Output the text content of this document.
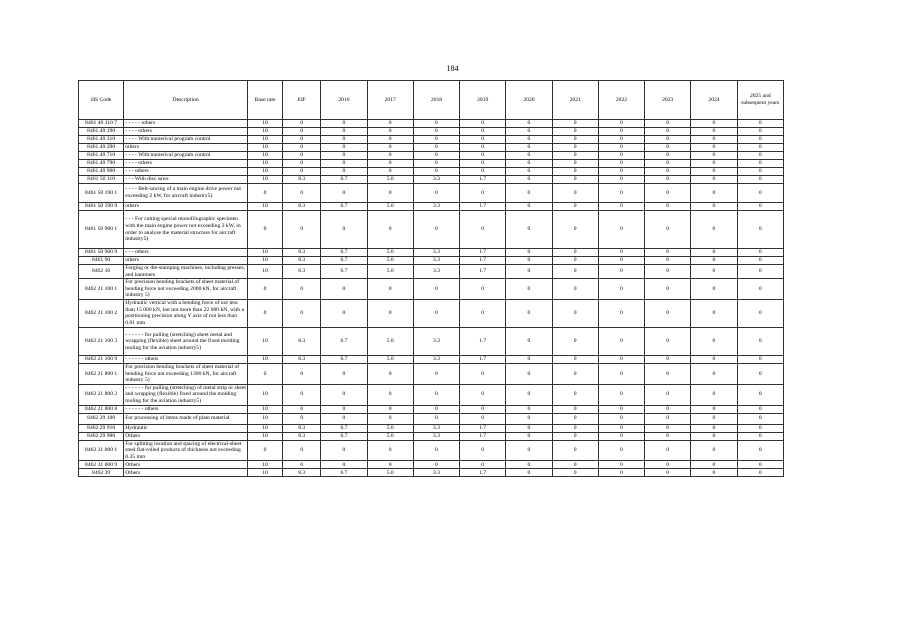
184
HS Code	Description	Base rate	EIF	2016	2017	2018	2019	2020	2021	2022	2023	2024	2025 and subsequent years
8461 40 110 7	- - - - - others	10	0	0	0	0	0	0	0	0	0	0	0
8461 40 190	- - - - others	10	0	0	0	0	0	0	0	0	0	0	0
8461 40 310	- - - - With numerical program control	10	0	0	0	0	0	0	0	0	0	0	0
8461 40 390	others	10	0	0	0	0	0	0	0	0	0	0	0
8461 40 710	- - - - With numerical program control	10	0	0	0	0	0	0	0	0	0	0	0
8461 40 790	- - - - others	10	0	0	0	0	0	0	0	0	0	0	0
8461 40 900	- - - others	10	0	0	0	0	0	0	0	0	0	0	0
8461 50 110	- - - With disc saws	10	8.3	6.7	5.0	3.3	1.7	0	0	0	0	0	0
8461 50 190 1	- - - - Belt-sawing of a main engine drive power not exceeding 2 kW, for aircraft industry5)	0	0	0	0	0	0	0	0	0	0	0	0
8461 50 190 9	others	10	8.3	6.7	5.0	3.3	1.7	0	0	0	0	0	0
8461 50 900 1	- - - For cutting special monofilographic specimen with the main engine power not exceeding 2 kW, in order to analyse the material structure for aircraft industry5)	0	0	0	0	0	0	0	0	0	0	0	0
8461 50 900 9	- - - others	10	8.3	6.7	5.0	3.3	1.7	0	0	0	0	0	0
8461 90	others	10	8.3	6.7	5.0	3.3	1.7	0	0	0	0	0	0
8462 10	Forging or die-stamping machines, including presses, and hammers	10	8.3	6.7	5.0	3.3	1.7	0	0	0	0	0	0
8462 21 100 1	For precision bending brackets of sheet material of bending force not exceeding 2000 kN, for aircraft industry 5)	0	0	0	0	0	0	0	0	0	0	0	0
8462 21 100 2	Hydraulic vertical with a bending force of not less than 15 000 kN, but not more than 22 000 kN, with a positioning precision along Y axis of not less than 0.01 mm	0	0	0	0	0	0	0	0	0	0	0	0
8462 21 100 3	- - - - - - for pulling (stretching) sheet metal and wrapping (flexible) sheet around the fixed molding tooling for the aviation industry5)	10	8.3	6.7	5.0	3.3	1.7	0	0	0	0	0	0
8462 21 100 9	- - - - - - others	10	8.3	6.7	5.0	3.3	1.7	0	0	0	0	0	0
8462 21 800 1	For precision bending brackets of sheet material of bending force not exceeding 1300 kN, for aircraft industry 5)	0	0	0	0	0	0	0	0	0	0	0	0
8462 21 800 2	- - - - - - for pulling (stretching) of metal strip or sheet and wrapping (flexible) fixed around the molding tooling for the aviation industry5)	10	0	0	0	0	0	0	0	0	0	0	0
8462 21 800 8	- - - - - - others	10	0	0	0	0	0	0	0	0	0	0	0
8462 29 100	For processing of items made of plate material	10	0	0	0	0	0	0	0	0	0	0	0
8462 29 910	Hydraulic	10	8.3	6.7	5.0	3.3	1.7	0	0	0	0	0	0
8462 29 980	Others	10	8.3	6.7	5.0	3.3	1.7	0	0	0	0	0	0
8462 31 000 1	For splitting location and spacing of electrical-sheet steel flat-rolled products of thickness not exceeding 0.35 mm	0	0	0	0	0	0	0	0	0	0	0	0
8462 31 000 9	Others	10	0	0	0	0	0	0	0	0	0	0	0
8462 39	Others	10	8.3	6.7	5.0	3.3	1.7	0	0	0	0	0	0
